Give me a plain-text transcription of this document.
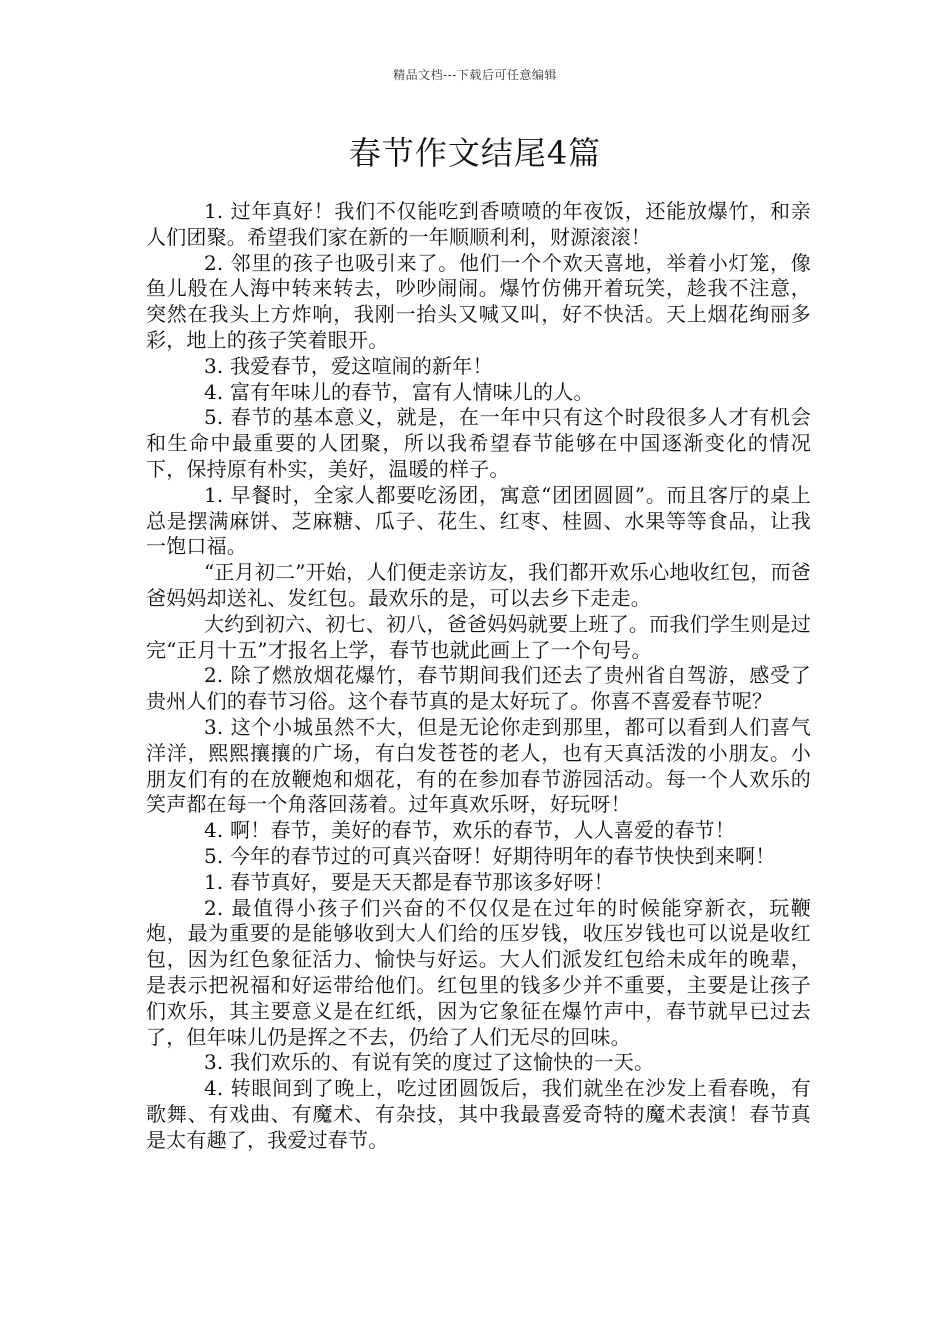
精品文档---下载后可任意编辑
春节作文结尾4篇

1. 过年真好！我们不仅能吃到香喷喷的年夜饭，还能放爆竹，和亲人们团聚。希望我们家在新的一年顺顺利利，财源滚滚！

2. 邻里的孩子也吸引来了。他们一个个欢天喜地，举着小灯笼，像鱼儿般在人海中转来转去，吵吵闹闹。爆竹仿佛开着玩笑，趁我不注意，突然在我头上方炸响，我刚一抬头又喊又叫，好不快活。天上烟花绚丽多彩，地上的孩子笑着眼开。

3. 我爱春节，爱这喧闹的新年！

4. 富有年味儿的春节，富有人情味儿的人。

5. 春节的基本意义，就是，在一年中只有这个时段很多人才有机会和生命中最重要的人团聚，所以我希望春节能够在中国逐渐变化的情况下，保持原有朴实，美好，温暖的样子。

1. 早餐时，全家人都要吃汤团，寓意“团团圆圆”。而且客厅的桌上总是摆满麻饼、芝麻糖、瓜子、花生、红枣、桂圆、水果等等食品，让我一饱口福。

“正月初二”开始，人们便走亲访友，我们都开欢乐心地收红包，而爸爸妈妈却送礼、发红包。最欢乐的是，可以去乡下走走。

大约到初六、初七、初八，爸爸妈妈就要上班了。而我们学生则是过完“正月十五”才报名上学，春节也就此画上了一个句号。

2. 除了燃放烟花爆竹，春节期间我们还去了贵州省自驾游，感受了贵州人们的春节习俗。这个春节真的是太好玩了。你喜不喜爱春节呢？

3. 这个小城虽然不大，但是无论你走到那里，都可以看到人们喜气洋洋，熙熙攘攘的广场，有白发苍苍的老人，也有天真活泼的小朋友。小朋友们有的在放鞭炮和烟花，有的在参加春节游园活动。每一个人欢乐的笑声都在每一个角落回荡着。过年真欢乐呀，好玩呀！

4. 啊！春节，美好的春节，欢乐的春节，人人喜爱的春节！

5. 今年的春节过的可真兴奋呀！好期待明年的春节快快到来啊！

1. 春节真好，要是天天都是春节那该多好呀！

2. 最值得小孩子们兴奋的不仅仅是在过年的时候能穿新衣，玩鞭炮，最为重要的是能够收到大人们给的压岁钱，收压岁钱也可以说是收红包，因为红色象征活力、愉快与好运。大人们派发红包给未成年的晚辈，是表示把祝福和好运带给他们。红包里的钱多少并不重要，主要是让孩子们欢乐，其主要意义是在红纸，因为它象征在爆竹声中，春节就早已过去了，但年味儿仍是挥之不去，仍给了人们无尽的回味。

3. 我们欢乐的、有说有笑的度过了这愉快的一天。

4. 转眼间到了晚上，吃过团圆饭后，我们就坐在沙发上看春晚，有歌舞、有戏曲、有魔术、有杂技，其中我最喜爱奇特的魔术表演！春节真是太有趣了，我爱过春节。
